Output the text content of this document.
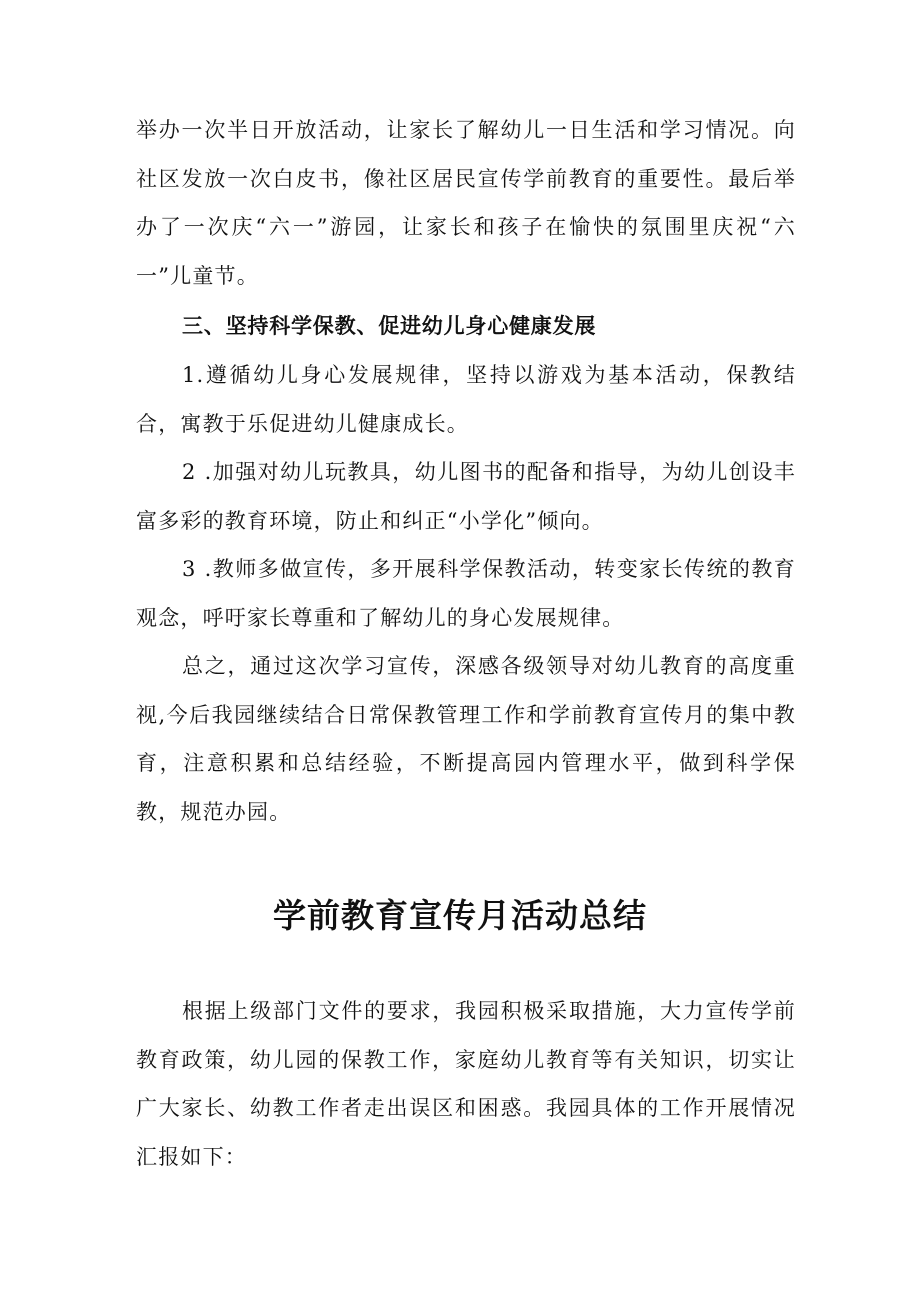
举办一次半日开放活动，让家长了解幼儿一日生活和学习情况。向社区发放一次白皮书，像社区居民宣传学前教育的重要性。最后举办了一次庆“六一”游园，让家长和孩子在愉快的氛围里庆祝“六一”儿童节。

三、坚持科学保教、促进幼儿身心健康发展

1.遵循幼儿身心发展规律，坚持以游戏为基本活动，保教结合，寓教于乐促进幼儿健康成长。

2 .加强对幼儿玩教具，幼儿图书的配备和指导，为幼儿创设丰富多彩的教育环境，防止和纠正“小学化”倾向。

3 .教师多做宣传，多开展科学保教活动，转变家长传统的教育观念，呼吁家长尊重和了解幼儿的身心发展规律。

总之，通过这次学习宣传，深感各级领导对幼儿教育的高度重视,今后我园继续结合日常保教管理工作和学前教育宣传月的集中教育，注意积累和总结经验，不断提高园内管理水平，做到科学保教，规范办园。

学前教育宣传月活动总结

根据上级部门文件的要求，我园积极采取措施，大力宣传学前教育政策，幼儿园的保教工作，家庭幼儿教育等有关知识，切实让广大家长、幼教工作者走出误区和困惑。我园具体的工作开展情况汇报如下：
